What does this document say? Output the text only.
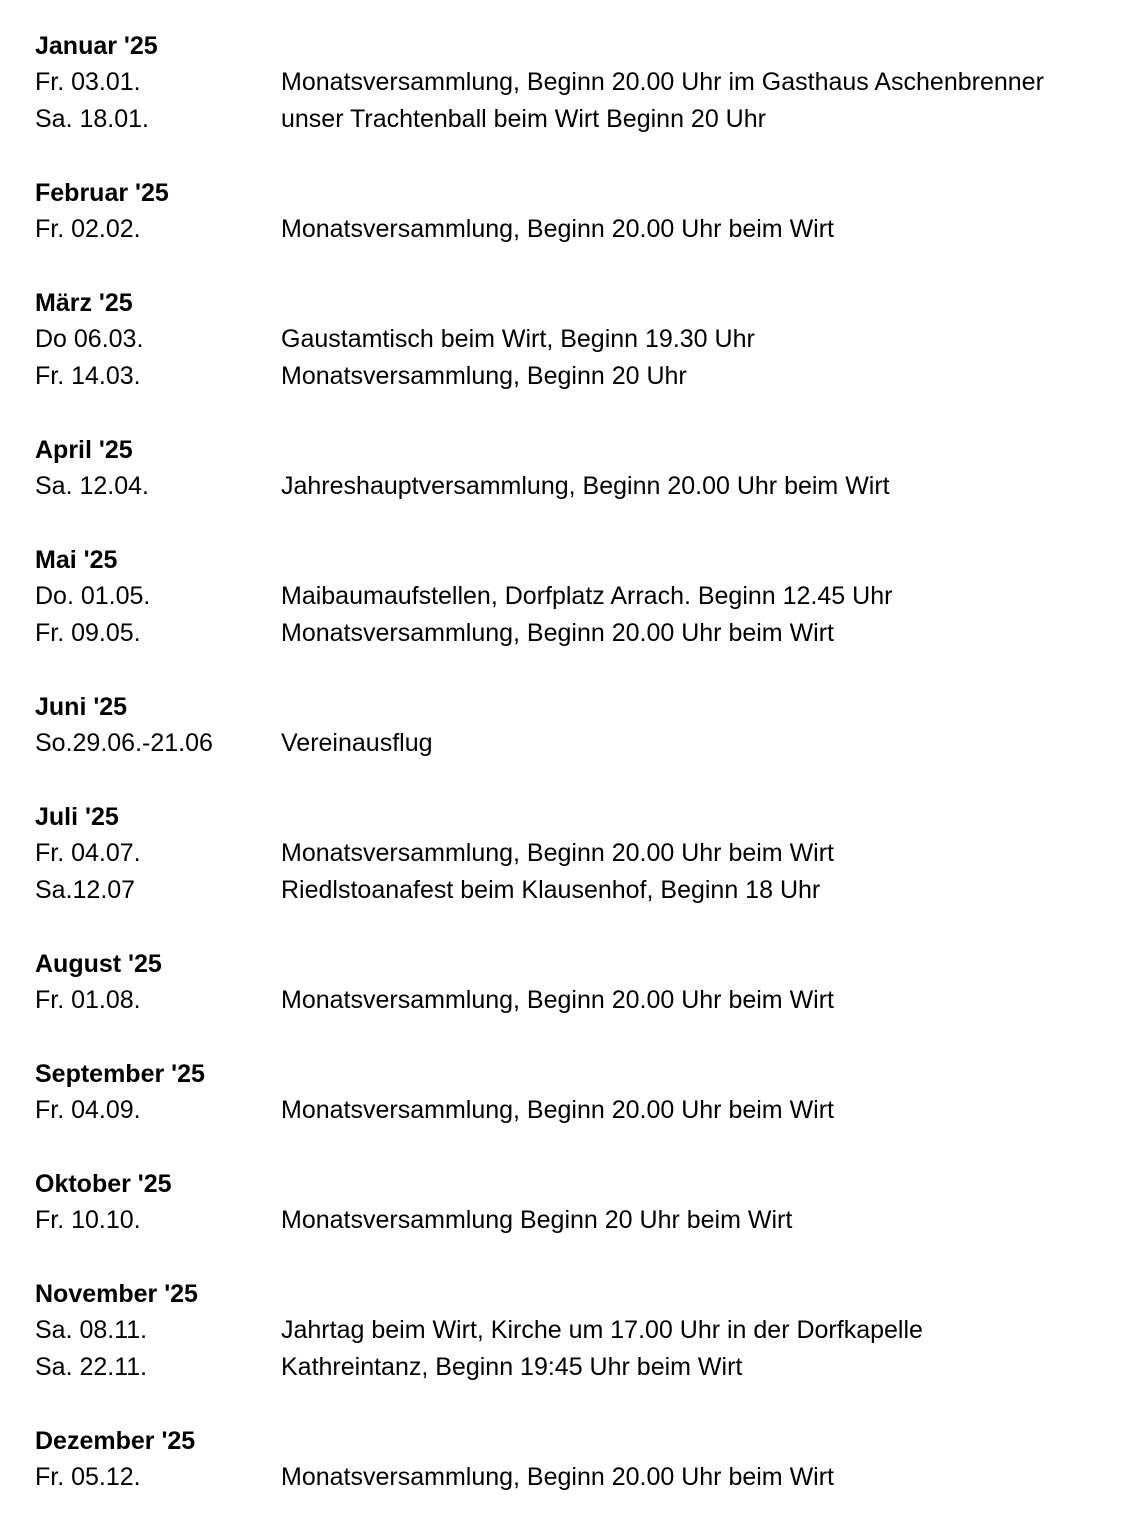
Januar '25
Fr. 03.01.	Monatsversammlung, Beginn 20.00 Uhr im Gasthaus Aschenbrenner
Sa. 18.01.	unser Trachtenball beim Wirt Beginn 20 Uhr
Februar '25
Fr. 02.02.	Monatsversammlung, Beginn 20.00 Uhr beim Wirt
März '25
Do 06.03.	Gaustamtisch beim Wirt, Beginn 19.30 Uhr
Fr. 14.03.	Monatsversammlung, Beginn 20 Uhr
April '25
Sa. 12.04.	Jahreshauptversammlung, Beginn 20.00 Uhr beim Wirt
Mai '25
Do. 01.05.	Maibaumaufstellen, Dorfplatz Arrach. Beginn 12.45 Uhr
Fr. 09.05.	Monatsversammlung, Beginn 20.00 Uhr beim Wirt
Juni '25
So.29.06.-21.06	Vereinausflug
Juli '25
Fr. 04.07.	Monatsversammlung, Beginn 20.00 Uhr beim Wirt
Sa.12.07	Riedlstoanafest beim Klausenhof, Beginn 18 Uhr
August '25
Fr. 01.08.	Monatsversammlung, Beginn 20.00 Uhr beim Wirt
September '25
Fr. 04.09.	Monatsversammlung, Beginn 20.00 Uhr beim Wirt
Oktober '25
Fr. 10.10.	Monatsversammlung Beginn 20 Uhr beim Wirt
November '25
Sa. 08.11.	Jahrtag beim Wirt, Kirche um 17.00 Uhr in der Dorfkapelle
Sa. 22.11.	Kathreintanz, Beginn 19:45 Uhr beim Wirt
Dezember '25
Fr. 05.12.	Monatsversammlung, Beginn 20.00 Uhr beim Wirt
